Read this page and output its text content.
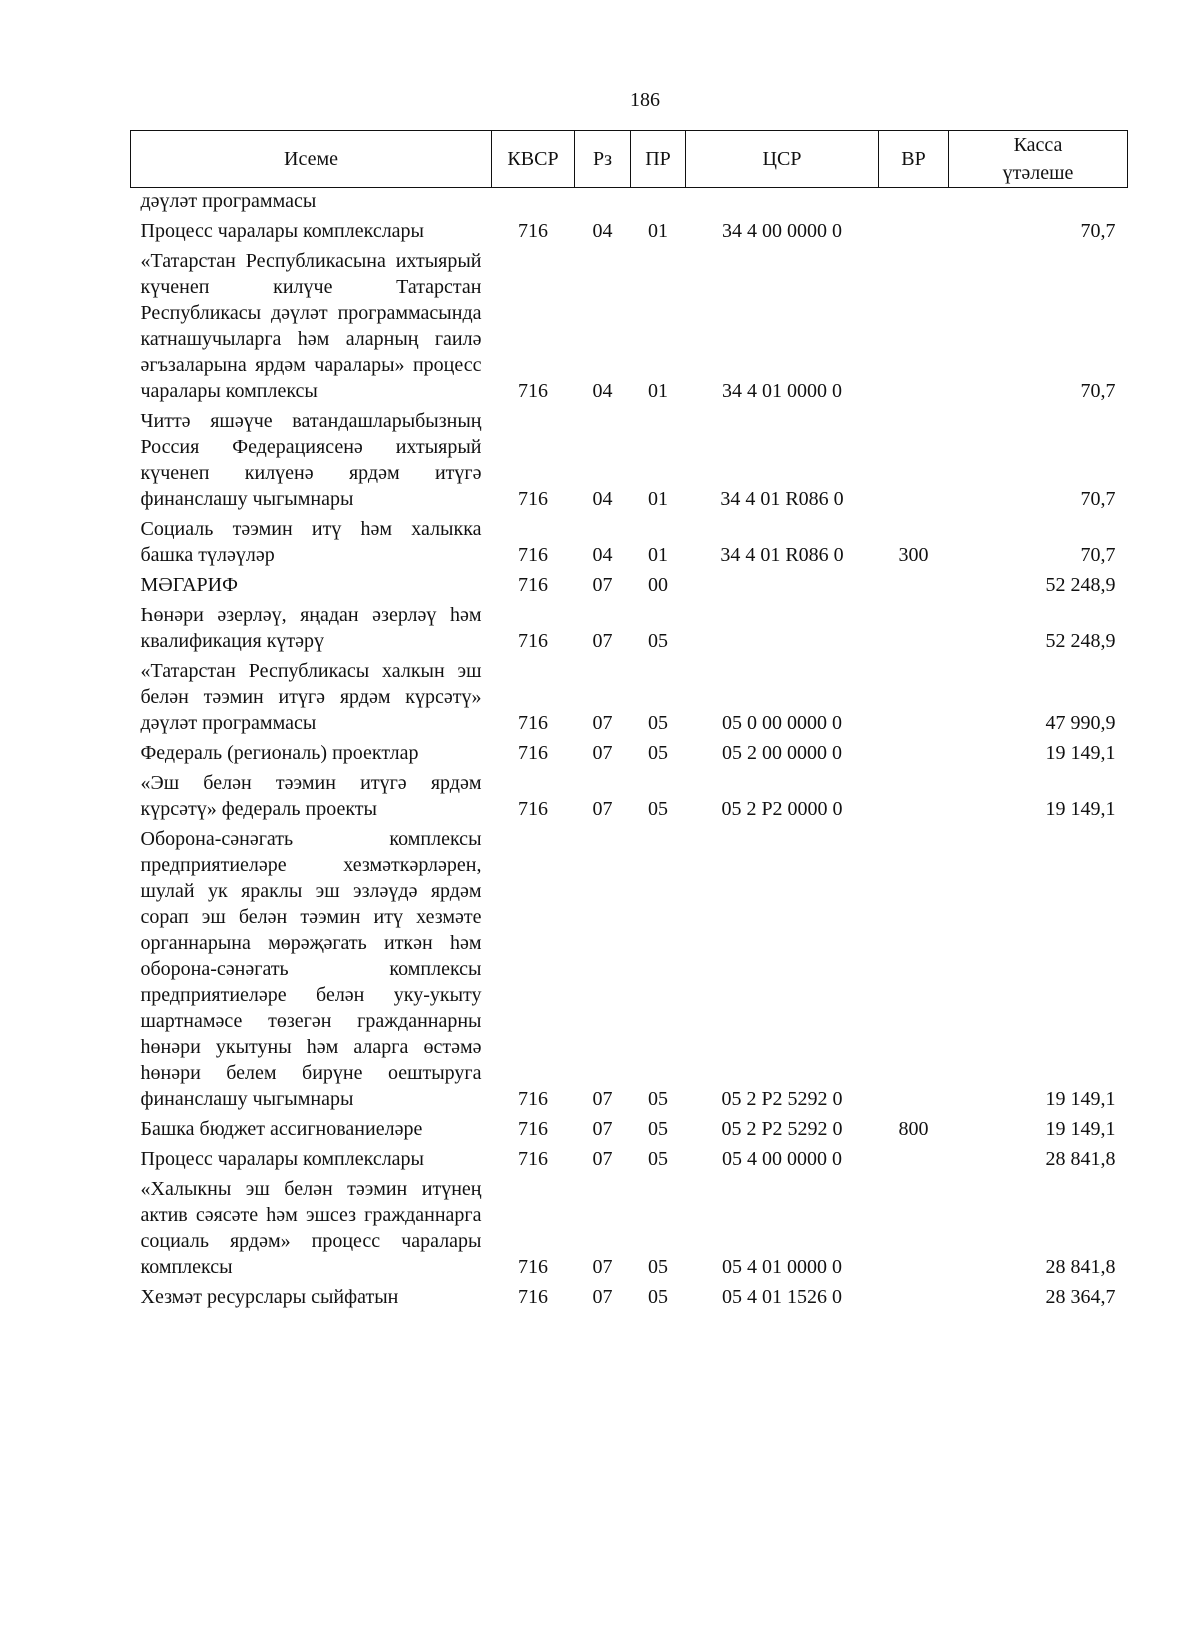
186
Исеме	КВСР	Рз	ПР	ЦСР	ВР	Касса
үтәлеше

дәүләт программасы						
Процесс чаралары комплекслары	716	04	01	34 4 00 0000 0		70,7
«Татарстан Республикасына ихтыярый күченеп килүче Татарстан Республикасы дәүләт программасында катнашучыларга һәм аларның гаилә әгъзаларына ярдәм чаралары» процесс чаралары комплексы	716	04	01	34 4 01 0000 0		70,7
Читтә яшәүче ватандашларыбызның Россия Федерациясенә ихтыярый күченеп килүенә ярдәм итүгә финанслашу чыгымнары	716	04	01	34 4 01 R086 0		70,7
Социаль тәэмин итү һәм халыкка башка түләүләр	716	04	01	34 4 01 R086 0	300	70,7
МӘГАРИФ	716	07	00			52 248,9
Һөнәри әзерләү, яңадан әзерләү һәм квалификация күтәрү	716	07	05			52 248,9
«Татарстан Республикасы халкын эш белән тәэмин итүгә ярдәм күрсәтү» дәүләт программасы	716	07	05	05 0 00 0000 0		47 990,9
Федераль (региональ) проектлар	716	07	05	05 2 00 0000 0		19 149,1
«Эш белән тәэмин итүгә ярдәм күрсәтү» федераль проекты	716	07	05	05 2 P2 0000 0		19 149,1
Оборона-сәнәгать комплексы предприятиеләре хезмәткәрләрен, шулай ук яраклы эш эзләүдә ярдәм сорап эш белән тәэмин итү хезмәте органнарына мөрәҗәгать иткән һәм оборона-сәнәгать комплексы предприятиеләре белән уку-укыту шартнамәсе төзегән гражданнарны һөнәри укытуны һәм аларга өстәмә һөнәри белем бирүне оештыруга финанслашу чыгымнары	716	07	05	05 2 P2 5292 0		19 149,1
Башка бюджет ассигнованиеләре	716	07	05	05 2 P2 5292 0	800	19 149,1
Процесс чаралары комплекслары	716	07	05	05 4 00 0000 0		28 841,8
«Халыкны эш белән тәэмин итүнең актив сәясәте һәм эшсез гражданнарга социаль ярдәм» процесс чаралары комплексы	716	07	05	05 4 01 0000 0		28 841,8
Хезмәт ресурслары сыйфатын	716	07	05	05 4 01 1526 0		28 364,7
